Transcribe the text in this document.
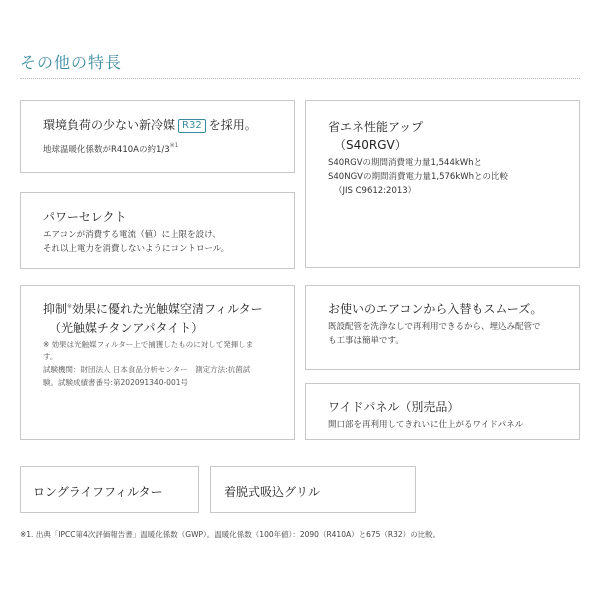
その他の特長
環境負荷の少ない新冷媒 R32 を採用。
地球温暖化係数がR410Aの約1/3$^{※1}$
省エネ性能アップ
（S40RGV）
S40RGVの期間消費電力量1,544kWhと
S40NGVの期間消費電力量1,576kWhとの比較
（JIS C9612:2013）
パワーセレクト
エアコンが消費する電流（値）に上限を設け、
それ以上電力を消費しないようにコントロール。
抑制※効果に優れた光触媒空清フィルター
（光触媒チタンアパタイト）
※ 効果は光触媒フィルター上で捕獲したものに対して発揮しま
す。
試験機関：財団法人 日本食品分析センター　測定方法:抗菌試
験。試験成績書番号:第202091340-001号
お使いのエアコンから入替もスムーズ。
既設配管を洗浄なしで再利用できるから、埋込み配管で
も工事は簡単です。
ワイドパネル（別売品）
開口部を再利用してきれいに仕上がるワイドパネル
ロングライフフィルター	着脱式吸込グリル
※1. 出典「IPCC第4次評価報告書」温暖化係数（GWP）。温暖化係数（100年値）：2090（R410A）と675（R32）の比較。
